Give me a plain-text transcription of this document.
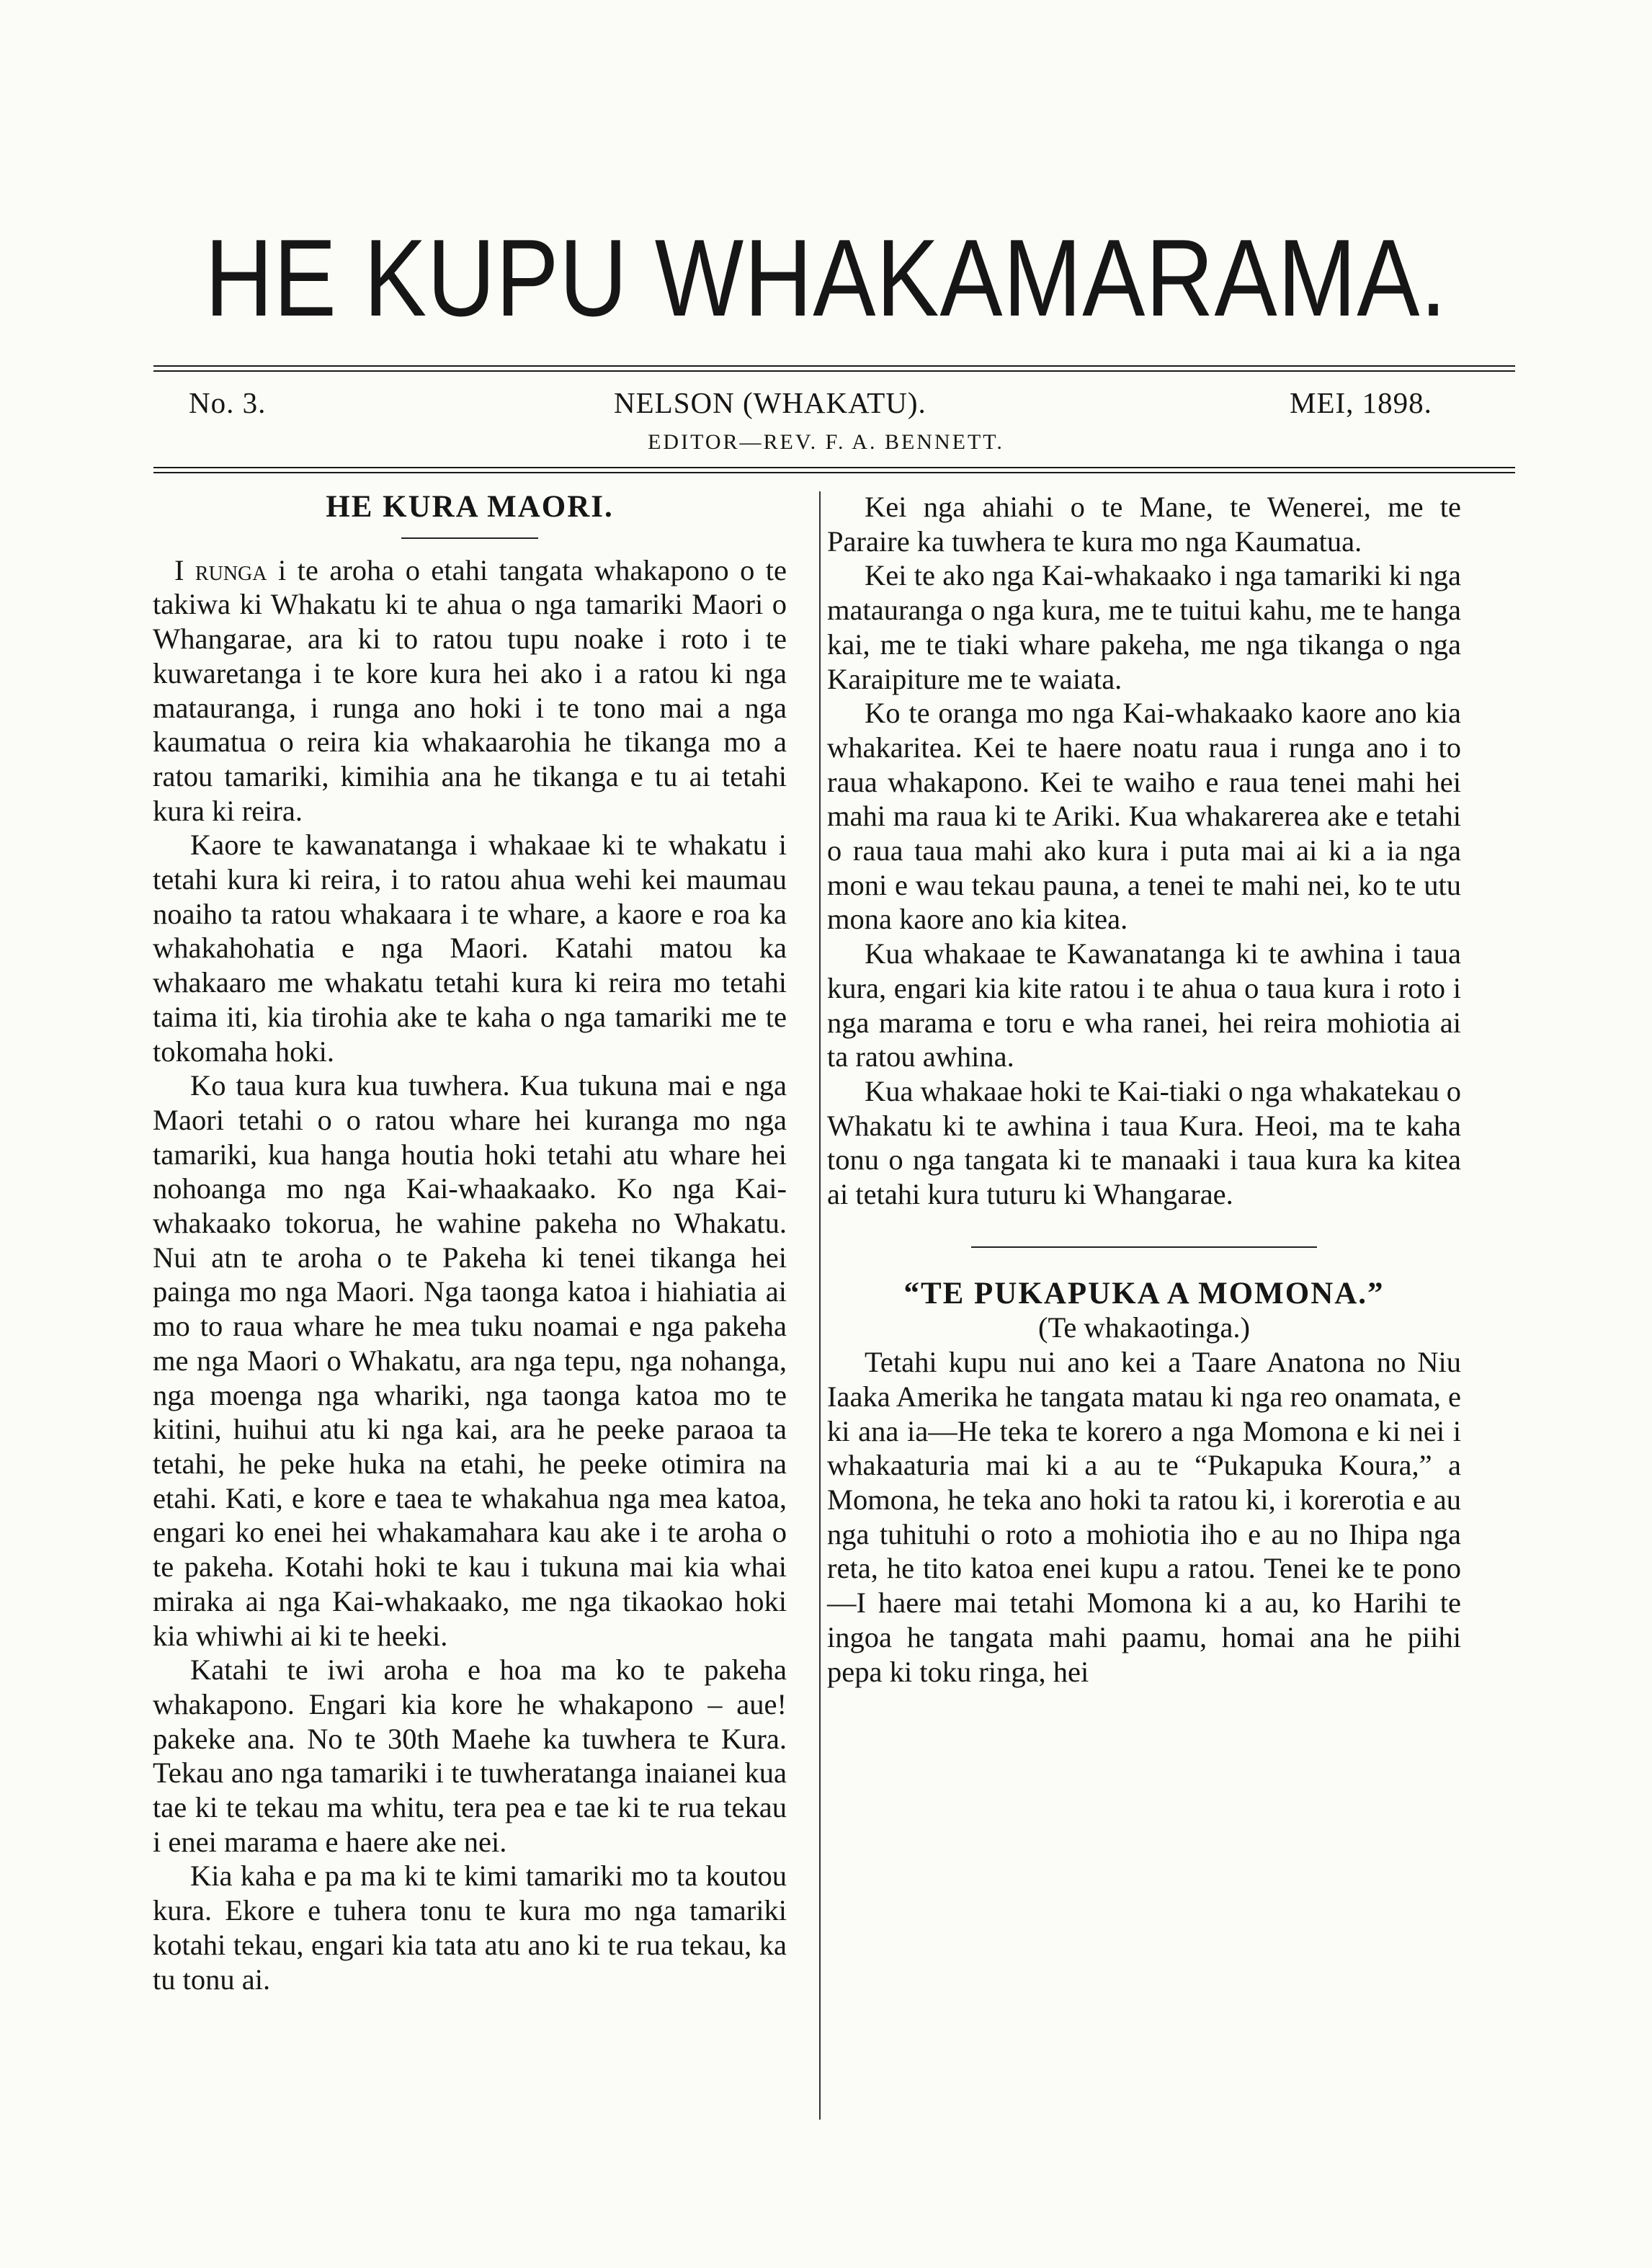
HE KUPU WHAKAMARAMA.
No. 3.	NELSON (WHAKATU).	MEI, 1898.
EDITOR—REV. F. A. BENNETT.
HE KURA MAORI.

I runga i te aroha o etahi tangata whakapono o te takiwa ki Whakatu ki te ahua o nga tamariki Maori o Whangarae, ara ki to ratou tupu noake i roto i te kuwaretanga i te kore kura hei ako i a ratou ki nga matauranga, i runga ano hoki i te tono mai a nga kaumatua o reira kia whakaarohia he tikanga mo a ratou tamariki, kimihia ana he tikanga e tu ai tetahi kura ki reira.

Kaore te kawanatanga i whakaae ki te whakatu i tetahi kura ki reira, i to ratou ahua wehi kei maumau noaiho ta ratou whakaara i te whare, a kaore e roa ka whakahohatia e nga Maori. Katahi matou ka whakaaro me whakatu tetahi kura ki reira mo tetahi taima iti, kia tirohia ake te kaha o nga tamariki me te tokomaha hoki.

Ko taua kura kua tuwhera. Kua tukuna mai e nga Maori tetahi o o ratou whare hei kuranga mo nga tamariki, kua hanga houtia hoki tetahi atu whare hei nohoanga mo nga Kai-whaakaako. Ko nga Kai-whakaako tokorua, he wahine pakeha no Whakatu. Nui atn te aroha o te Pakeha ki tenei tikanga hei painga mo nga Maori. Nga taonga katoa i hiahiatia ai mo to raua whare he mea tuku noamai e nga pakeha me nga Maori o Whakatu, ara nga tepu, nga nohanga, nga moenga nga whariki, nga taonga katoa mo te kitini, huihui atu ki nga kai, ara he peeke paraoa ta tetahi, he peke huka na etahi, he peeke otimira na etahi. Kati, e kore e taea te whakahua nga mea katoa, engari ko enei hei whakamahara kau ake i te aroha o te pakeha. Kotahi hoki te kau i tukuna mai kia whai miraka ai nga Kai-whakaako, me nga tikaokao hoki kia whiwhi ai ki te heeki.

Katahi te iwi aroha e hoa ma ko te pakeha whakapono. Engari kia kore he whakapono – aue! pakeke ana. No te 30th Maehe ka tuwhera te Kura. Tekau ano nga tamariki i te tuwheratanga inaianei kua tae ki te tekau ma whitu, tera pea e tae ki te rua tekau i enei marama e haere ake nei.

Kia kaha e pa ma ki te kimi tamariki mo ta koutou kura. Ekore e tuhera tonu te kura mo nga tamariki kotahi tekau, engari kia tata atu ano ki te rua tekau, ka tu tonu ai.

Kei nga ahiahi o te Mane, te Wenerei, me te Paraire ka tuwhera te kura mo nga Kaumatua.

Kei te ako nga Kai-whakaako i nga tamariki ki nga matauranga o nga kura, me te tuitui kahu, me te hanga kai, me te tiaki whare pakeha, me nga tikanga o nga Karaipiture me te waiata.

Ko te oranga mo nga Kai-whakaako kaore ano kia whakaritea. Kei te haere noatu raua i runga ano i to raua whakapono. Kei te waiho e raua tenei mahi hei mahi ma raua ki te Ariki. Kua whakarerea ake e tetahi o raua taua mahi ako kura i puta mai ai ki a ia nga moni e wau tekau pauna, a tenei te mahi nei, ko te utu mona kaore ano kia kitea.

Kua whakaae te Kawanatanga ki te awhina i taua kura, engari kia kite ratou i te ahua o taua kura i roto i nga marama e toru e wha ranei, hei reira mohiotia ai ta ratou awhina.

Kua whakaae hoki te Kai-tiaki o nga whakatekau o Whakatu ki te awhina i taua Kura. Heoi, ma te kaha tonu o nga tangata ki te manaaki i taua kura ka kitea ai tetahi kura tuturu ki Whangarae.

“TE PUKAPUKA A MOMONA.”

(Te whakaotinga.)

Tetahi kupu nui ano kei a Taare Anatona no Niu Iaaka Amerika he tangata matau ki nga reo onamata, e ki ana ia—He teka te korero a nga Momona e ki nei i whakaaturia mai ki a au te “Pukapuka Koura,” a Momona, he teka ano hoki ta ratou ki, i korerotia e au nga tuhituhi o roto a mohiotia iho e au no Ihipa nga reta, he tito katoa enei kupu a ratou. Tenei ke te pono—I haere mai tetahi Momona ki a au, ko Harihi te ingoa he tangata mahi paamu, homai ana he piihi pepa ki toku ringa, hei
